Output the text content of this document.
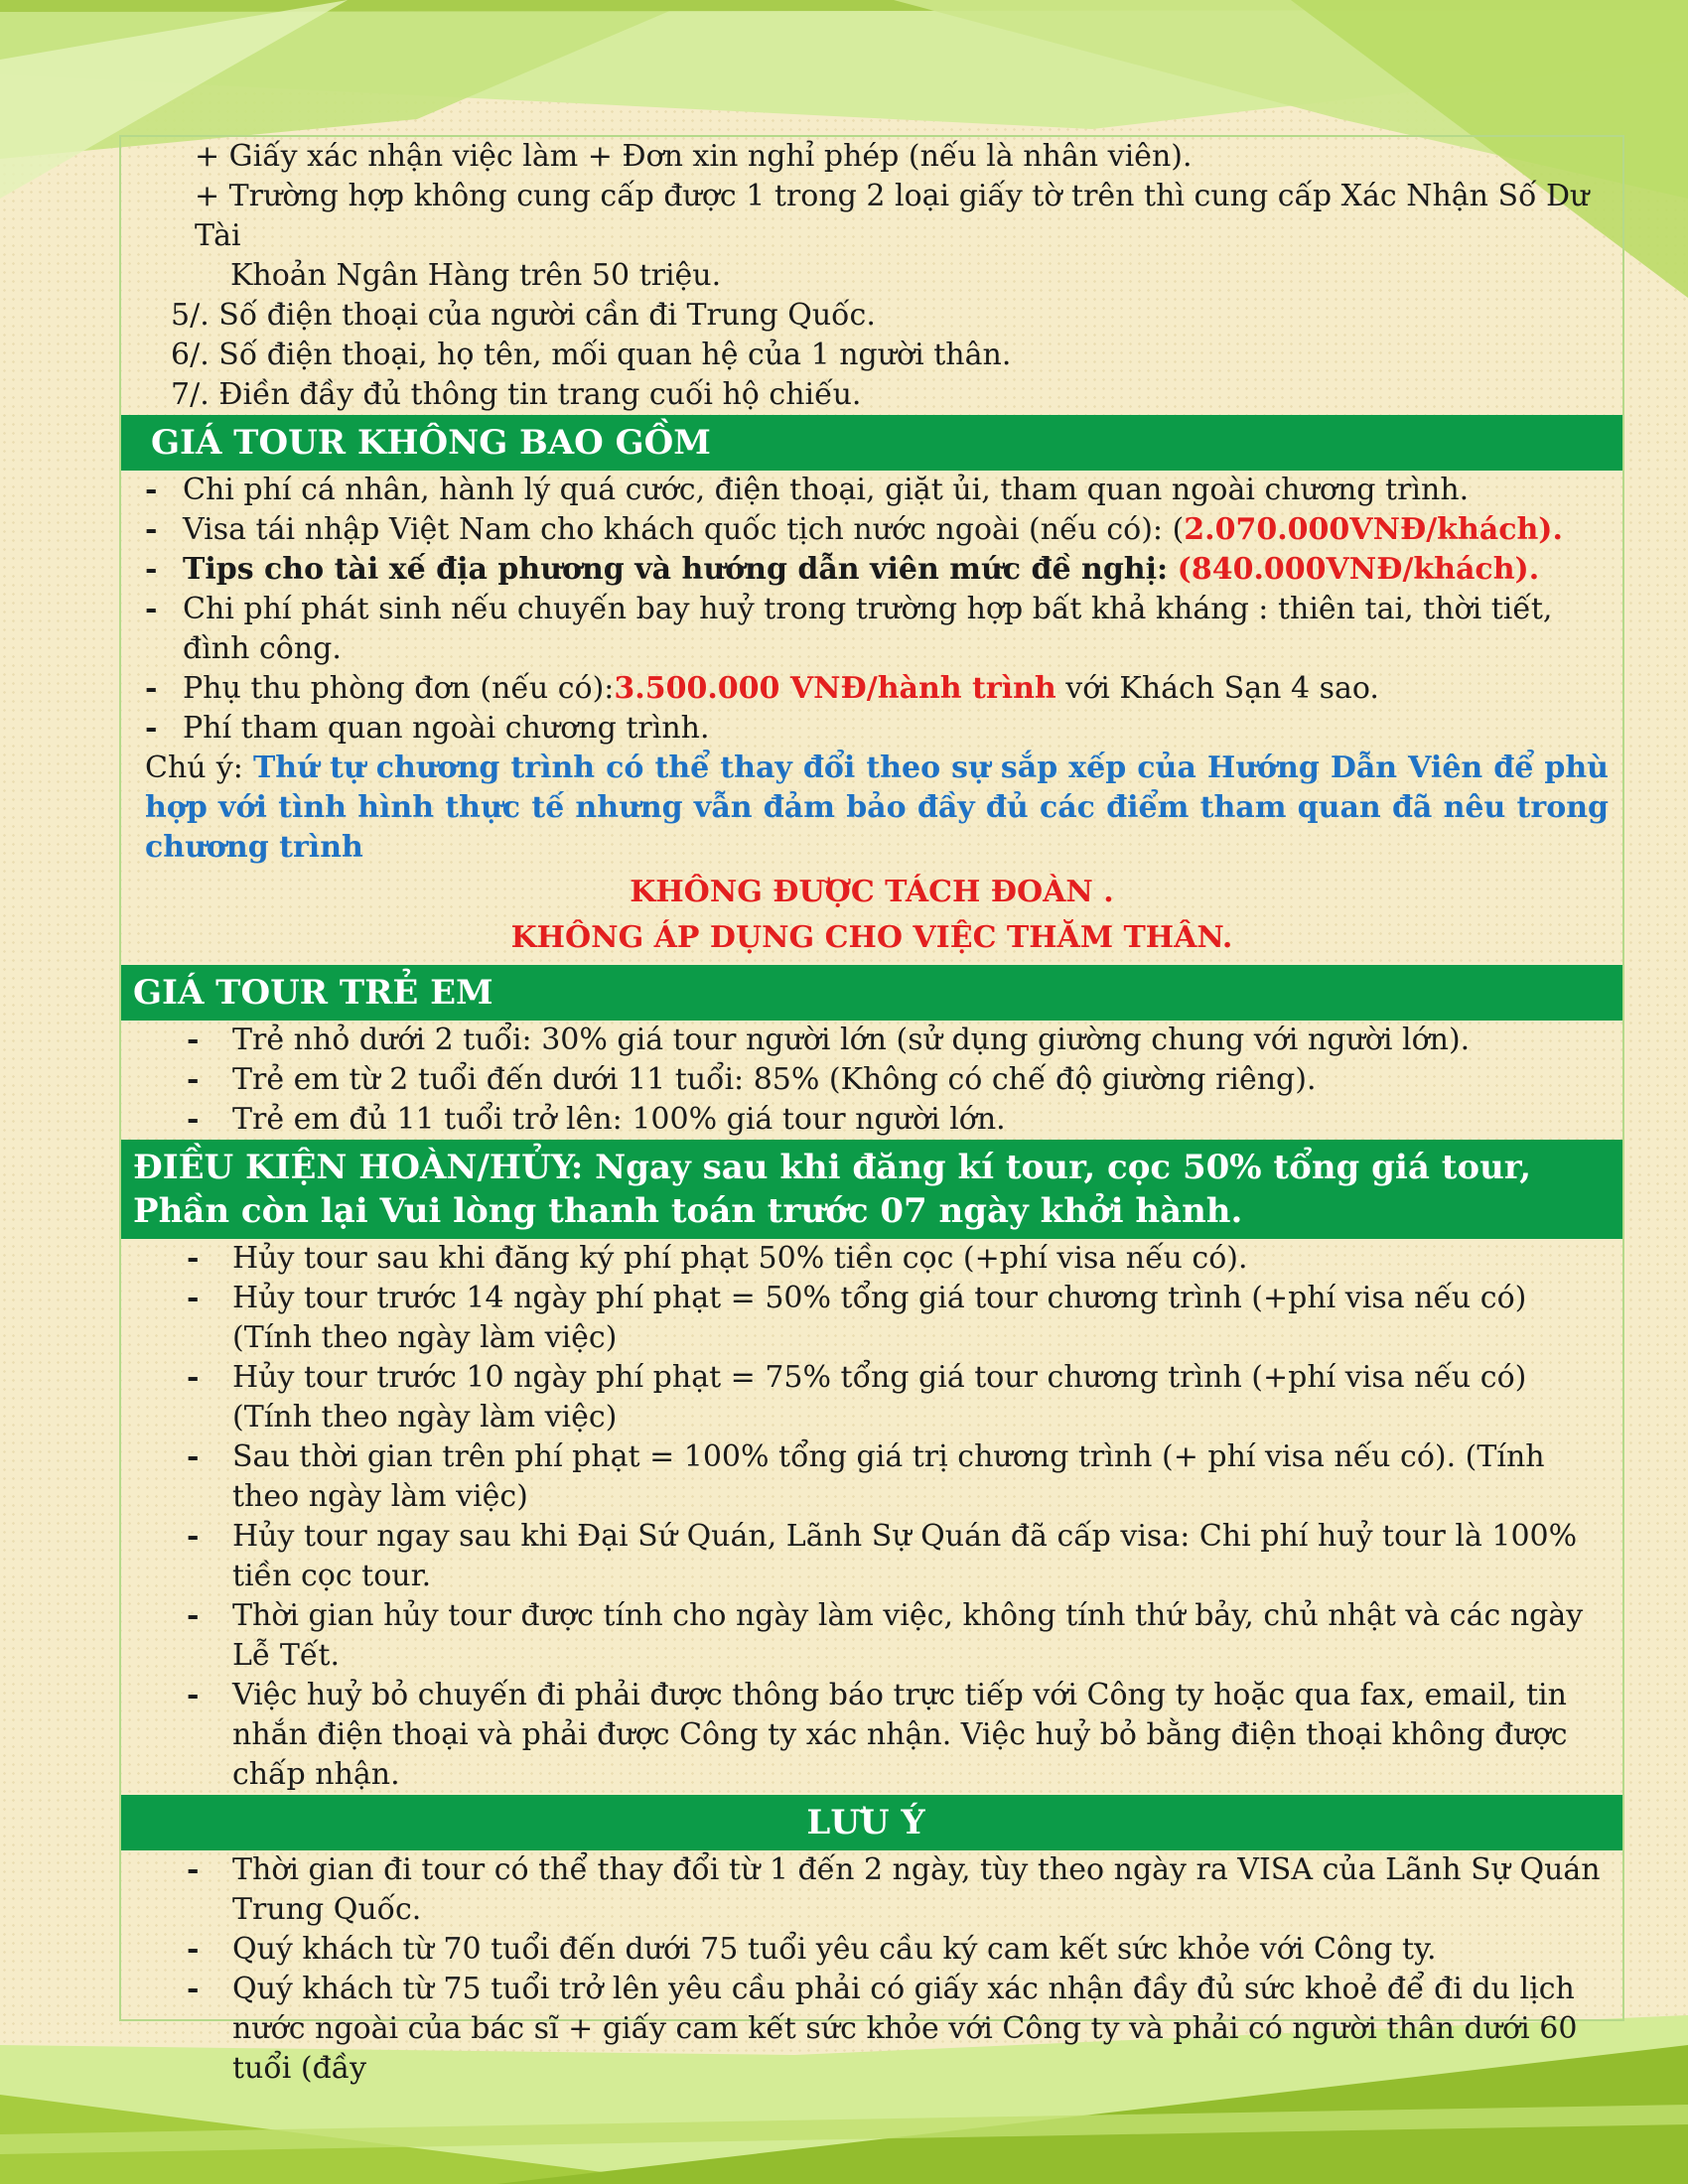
+ Giấy xác nhận việc làm + Đơn xin nghỉ phép (nếu là nhân viên).

+ Trường hợp không cung cấp được 1 trong 2 loại giấy tờ trên thì cung cấp Xác Nhận Số Dư Tài

Khoản Ngân Hàng trên 50 triệu.

5/. Số điện thoại của người cần đi Trung Quốc.

6/. Số điện thoại, họ tên, mối quan hệ của 1 người thân.

7/. Điền đầy đủ thông tin trang cuối hộ chiếu.

GIÁ TOUR KHÔNG BAO GỒM
- Chi phí cá nhân, hành lý quá cước, điện thoại, giặt ủi, tham quan ngoài chương trình.
- Visa tái nhập Việt Nam cho khách quốc tịch nước ngoài (nếu có): (2.070.000VNĐ/khách).
- Tips cho tài xế địa phương và hướng dẫn viên mức đề nghị: (840.000VNĐ/khách).
- Chi phí phát sinh nếu chuyến bay huỷ trong trường hợp bất khả kháng : thiên tai, thời tiết, đình công.
- Phụ thu phòng đơn (nếu có):3.500.000 VNĐ/hành trình với Khách Sạn 4 sao.
- Phí tham quan ngoài chương trình.
Chú ý: Thứ tự chương trình có thể thay đổi theo sự sắp xếp của Hướng Dẫn Viên để phù hợp với tình hình thực tế nhưng vẫn đảm bảo đầy đủ các điểm tham quan đã nêu trong chương trình
KHÔNG ĐƯỢC TÁCH ĐOÀN .
KHÔNG ÁP DỤNG CHO VIỆC THĂM THÂN.
GIÁ TOUR TRẺ EM
- Trẻ nhỏ dưới 2 tuổi: 30% giá tour người lớn (sử dụng giường chung với người lớn).
- Trẻ em từ 2 tuổi đến dưới 11 tuổi: 85% (Không có chế độ giường riêng).
- Trẻ em đủ 11 tuổi trở lên: 100% giá tour người lớn.
ĐIỀU KIỆN HOÀN/HỦY: Ngay sau khi đăng kí tour, cọc 50% tổng giá tour, Phần còn lại Vui lòng thanh toán trước 07 ngày khởi hành.
- Hủy tour sau khi đăng ký phí phạt 50% tiền cọc (+phí visa nếu có).
- Hủy tour trước 14 ngày phí phạt = 50% tổng giá tour chương trình (+phí visa nếu có) (Tính theo ngày làm việc)
- Hủy tour trước 10 ngày phí phạt = 75% tổng giá tour chương trình (+phí visa nếu có) (Tính theo ngày làm việc)
- Sau thời gian trên phí phạt = 100% tổng giá trị chương trình (+ phí visa nếu có). (Tính theo ngày làm việc)
- Hủy tour ngay sau khi Đại Sứ Quán, Lãnh Sự Quán đã cấp visa: Chi phí huỷ tour là 100% tiền cọc tour.
- Thời gian hủy tour được tính cho ngày làm việc, không tính thứ bảy, chủ nhật và các ngày Lễ Tết.
- Việc huỷ bỏ chuyến đi phải được thông báo trực tiếp với Công ty hoặc qua fax, email, tin nhắn điện thoại và phải được Công ty xác nhận. Việc huỷ bỏ bằng điện thoại không được chấp nhận.
LƯU Ý
- Thời gian đi tour có thể thay đổi từ 1 đến 2 ngày, tùy theo ngày ra VISA của Lãnh Sự Quán Trung Quốc.
- Quý khách từ 70 tuổi đến dưới 75 tuổi yêu cầu ký cam kết sức khỏe với Công ty.
- Quý khách từ 75 tuổi trở lên yêu cầu phải có giấy xác nhận đầy đủ sức khoẻ để đi du lịch nước ngoài của bác sĩ + giấy cam kết sức khỏe với Công ty và phải có người thân dưới 60 tuổi (đầy
